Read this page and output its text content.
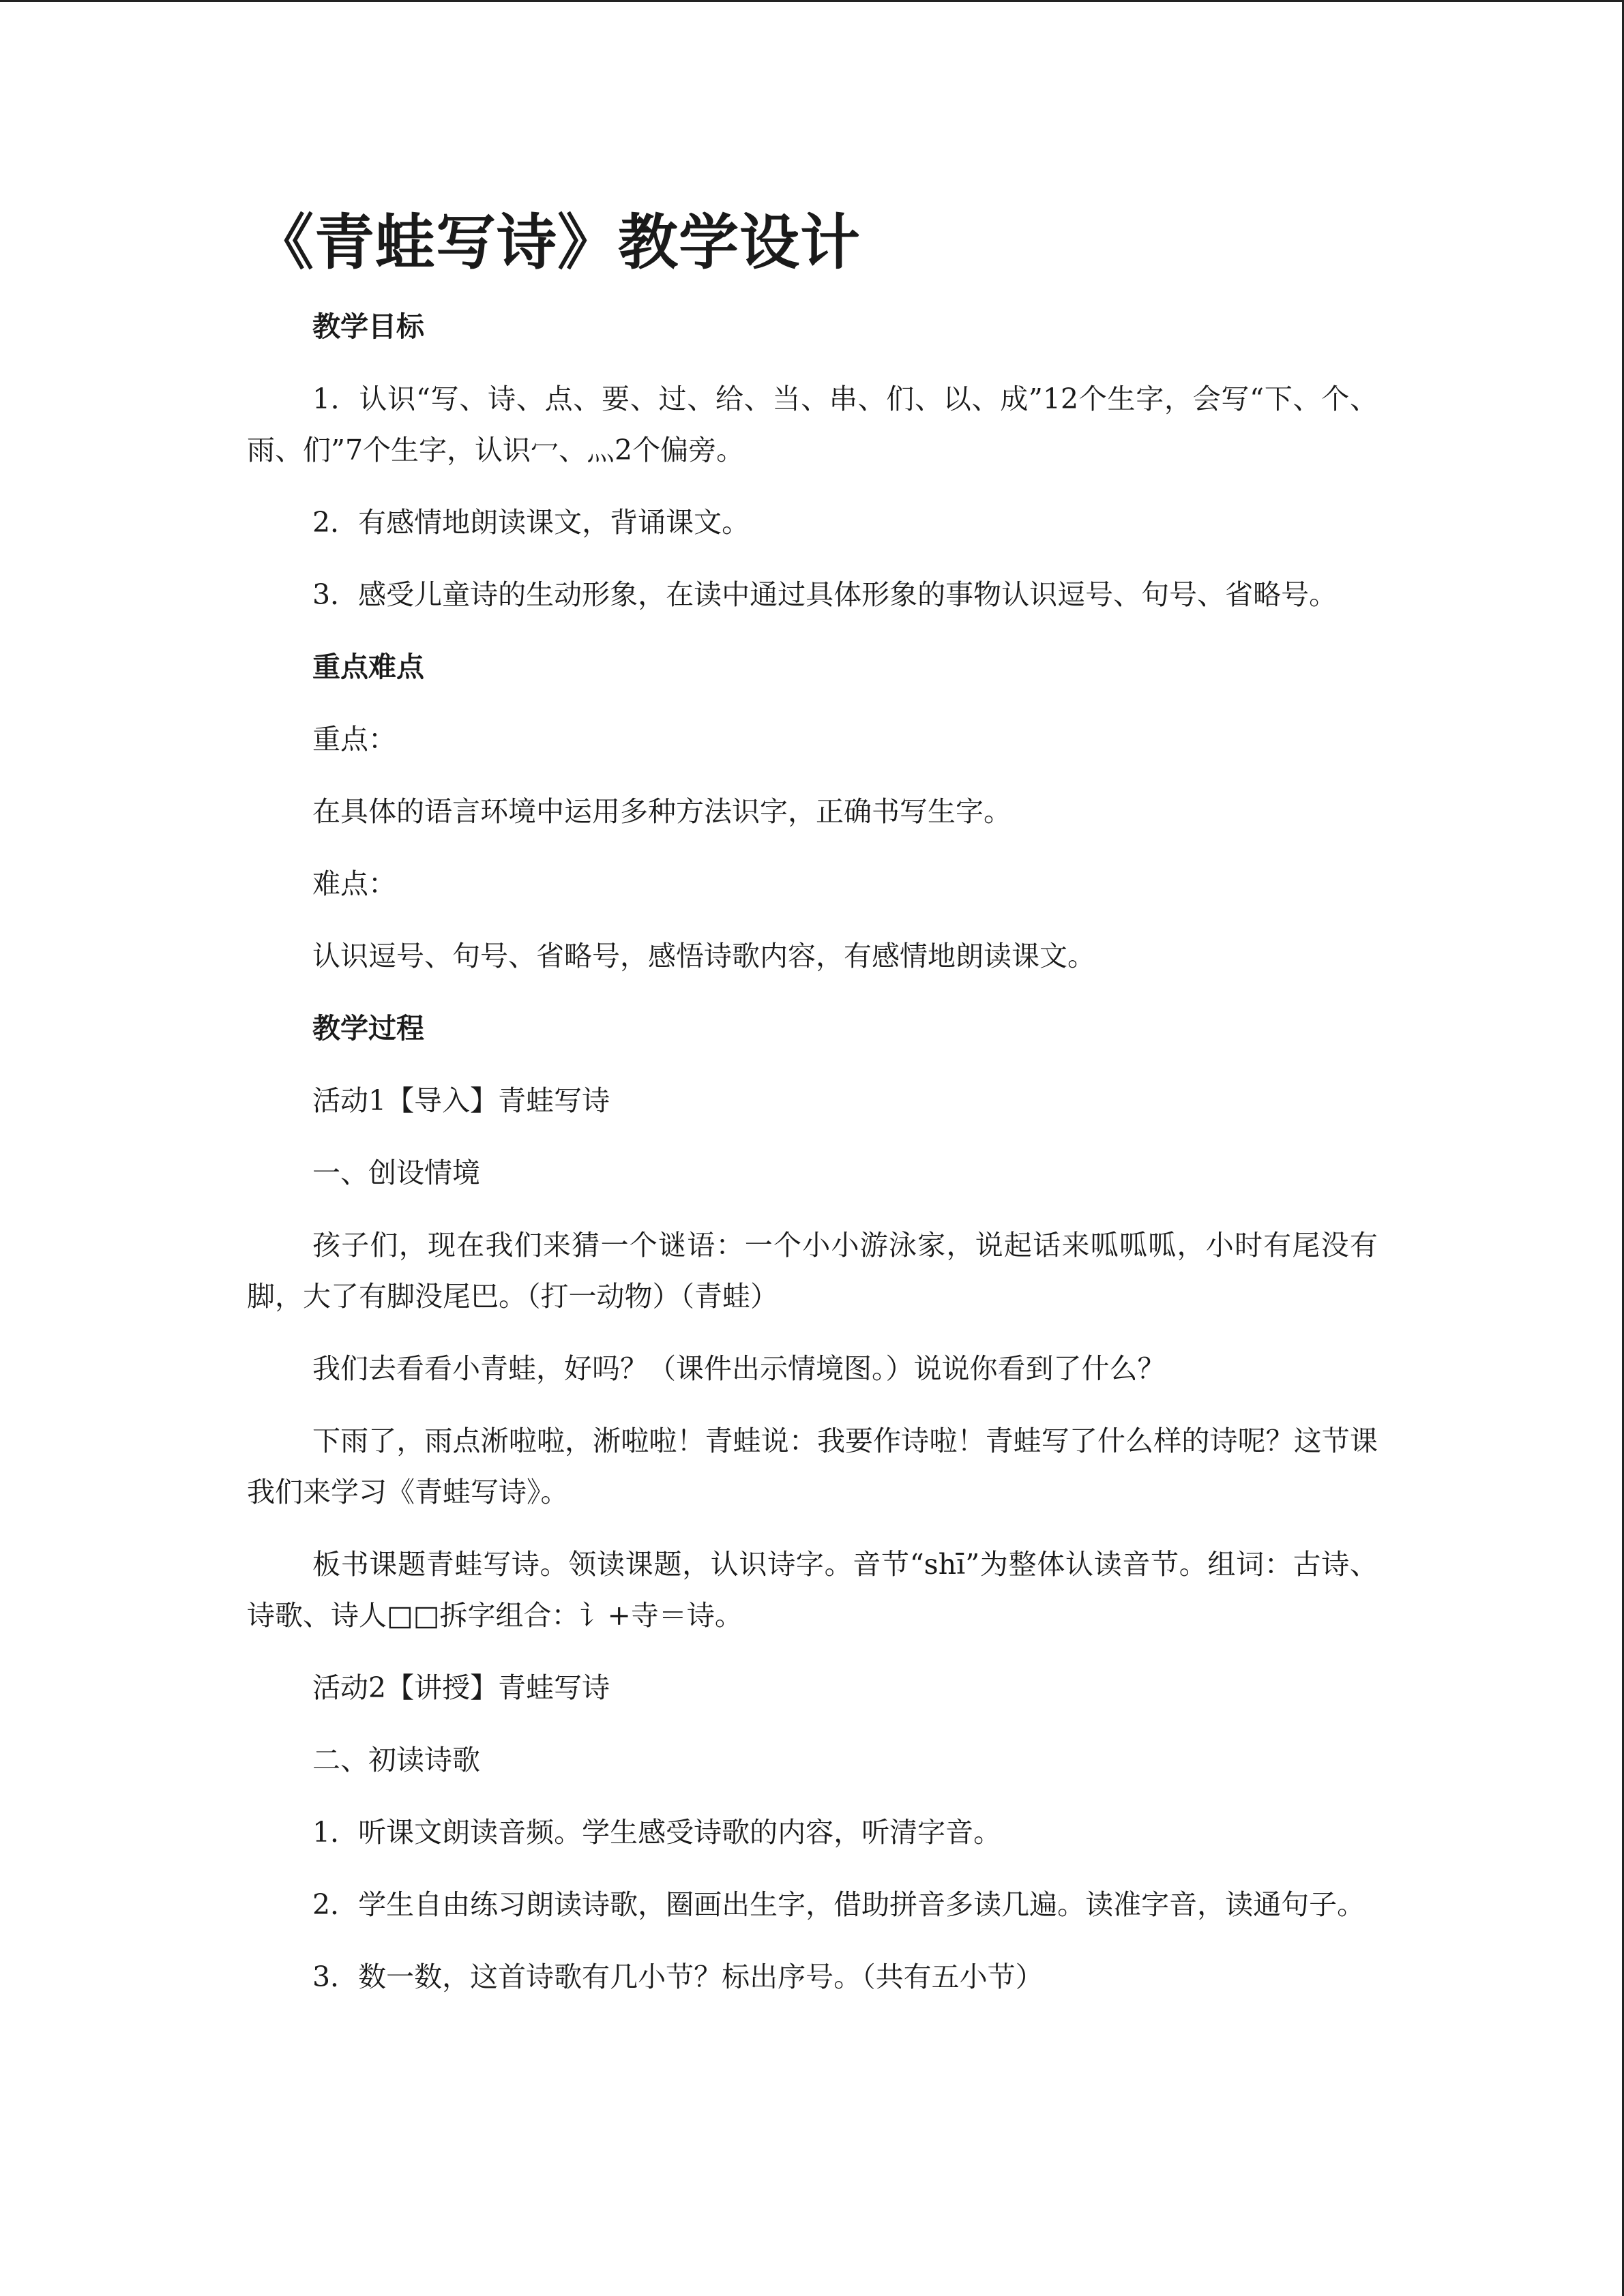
《青蛙写诗》教学设计

教学目标

1．认识“写、诗、点、要、过、给、当、串、们、以、成”12个生字，会写“下、个、雨、们”7个生字，认识冖、灬2个偏旁。

2．有感情地朗读课文，背诵课文。

3．感受儿童诗的生动形象，在读中通过具体形象的事物认识逗号、句号、省略号。

重点难点

重点：

在具体的语言环境中运用多种方法识字，正确书写生字。

难点：

认识逗号、句号、省略号，感悟诗歌内容，有感情地朗读课文。

教学过程

活动1【导入】青蛙写诗

一、创设情境

孩子们，现在我们来猜一个谜语：一个小小游泳家，说起话来呱呱呱，小时有尾没有脚，大了有脚没尾巴。（打一动物）（青蛙）

我们去看看小青蛙，好吗？（课件出示情境图。）说说你看到了什么？

下雨了，雨点淅啦啦，淅啦啦！青蛙说：我要作诗啦！青蛙写了什么样的诗呢？这节课我们来学习《青蛙写诗》。

板书课题青蛙写诗。领读课题，认识诗字。音节“shī”为整体认读音节。组词：古诗、诗歌、诗人□□拆字组合：讠+寺＝诗。

活动2【讲授】青蛙写诗

二、初读诗歌

1．听课文朗读音频。学生感受诗歌的内容，听清字音。

2．学生自由练习朗读诗歌，圈画出生字，借助拼音多读几遍。读准字音，读通句子。

3．数一数，这首诗歌有几小节？标出序号。（共有五小节）
